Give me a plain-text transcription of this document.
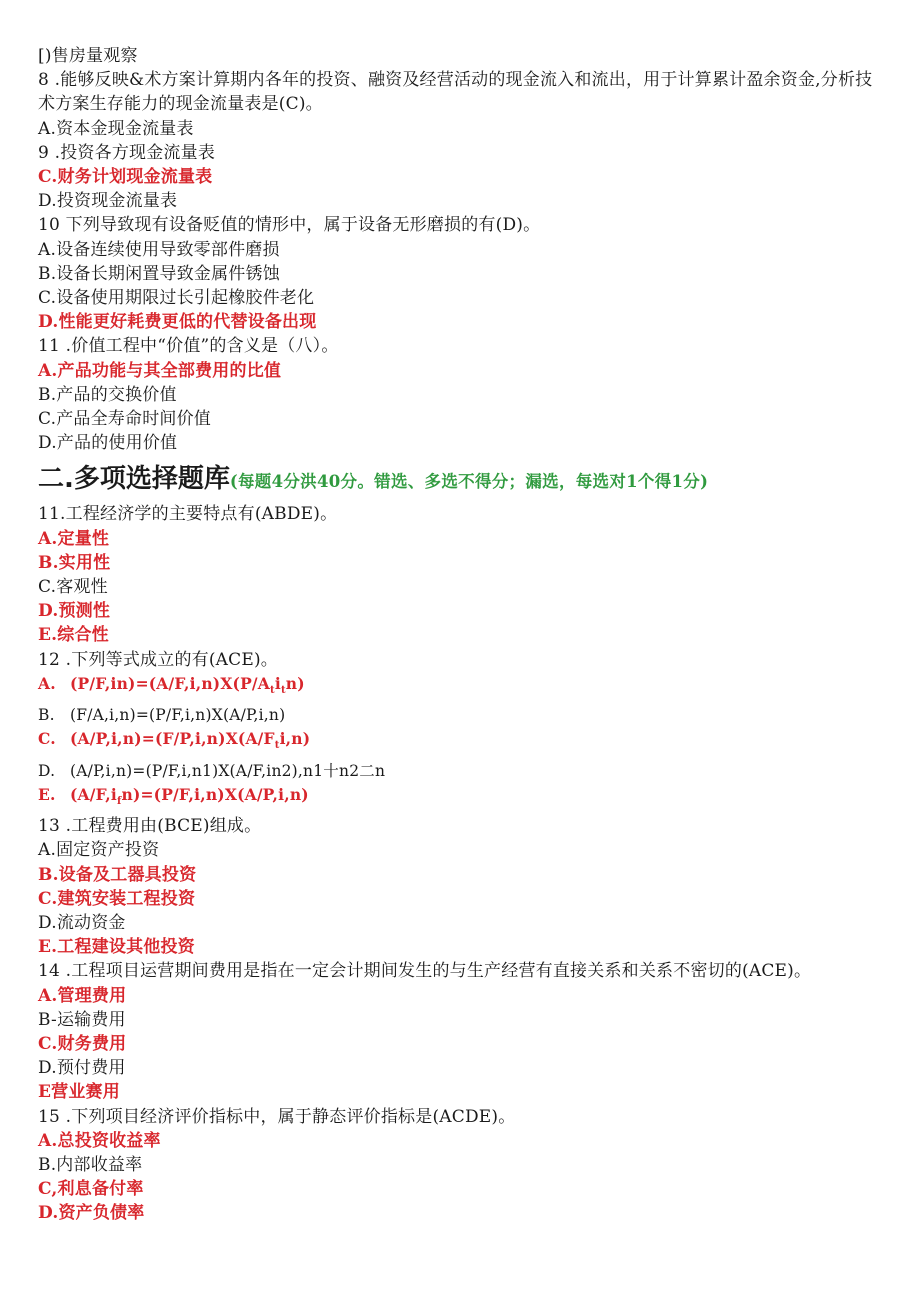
[)售房量观察
8 .能够反映&术方案计算期内各年的投资、融资及经营活动的现金流入和流出，用于计算累计盈余资金,分析技术方案生存能力的现金流量表是(C)。
A.资本金现金流量表
9 .投资各方现金流量表
C.财务计划现金流量表
D.投资现金流量表
10 下列导致现有设备贬值的情形中，属于设备无形磨损的有(D)。
A.设备连续使用导致零部件磨损
B.设备长期闲置导致金属件锈蚀
C.设备使用期限过长引起橡胶件老化
D.性能更好耗费更低的代替设备出现
11 .价值工程中“价值”的含义是（八）。
A.产品功能与其全部费用的比值
B.产品的交换价值
C.产品全寿命时间价值
D.产品的使用价值
二.多项选择题库(每题4分洪40分。错选、多选不得分；漏选，每选对1个得1分)
11.工程经济学的主要特点有(ABDE)。
A.定量性
B.实用性
C.客观性
D.预测性
E.综合性
12 .下列等式成立的有(ACE)。
A. $(P/F,in)=(A/F,i,n)X(P/A_ti_tn)$
B. (F/A,i,n)=(P/F,i,n)X(A/P,i,n)
C. $(A/P,i,n)=(F/P,i,n)X(A/F_ti,n)$
D. (A/P,i,n)=(P/F,i,n1)X(A/F,in2),n1十n2二n
E. $(A/F,i_fn)=(P/F,i,n)X(A/P,i,n)$
13 .工程费用由(BCE)组成。
A.固定资产投资
B.设备及工器具投资
C.建筑安装工程投资
D.流动资金
E.工程建设其他投资
14 .工程项目运营期间费用是指在一定会计期间发生的与生产经营有直接关系和关系不密切的(ACE)。
A.管理费用
B-运输费用
C.财务费用
D.预付费用
E营业赛用
15 .下列项目经济评价指标中，属于静态评价指标是(ACDE)。
A.总投资收益率
B.内部收益率
C,利息备付率
D.资产负债率
